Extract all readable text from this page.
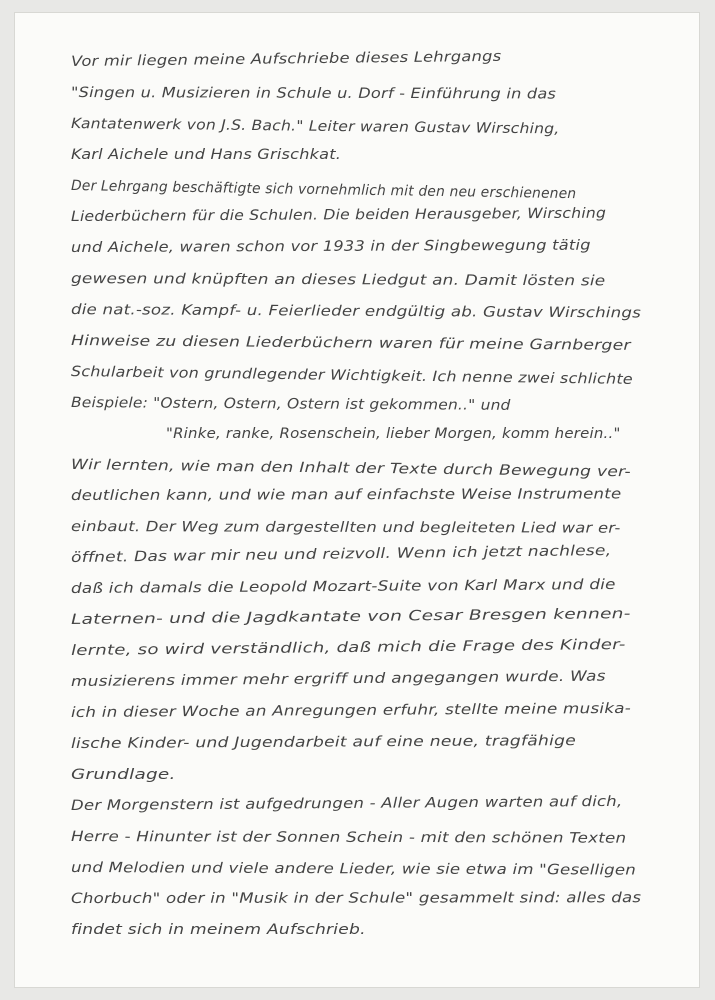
Vor mir liegen meine Aufschriebe dieses Lehrgangs
"Singen u. Musizieren in Schule u. Dorf - Einführung in das
Kantatenwerk von J.S. Bach." Leiter waren Gustav Wirsching,
Karl Aichele und Hans Grischkat.
Der Lehrgang beschäftigte sich vornehmlich mit den neu erschienenen
Liederbüchern für die Schulen. Die beiden Herausgeber, Wirsching
und Aichele, waren schon vor 1933 in der Singbewegung tätig
gewesen und knüpften an dieses Liedgut an. Damit lösten sie
die nat.-soz. Kampf- u. Feierlieder endgültig ab. Gustav Wirschings
Hinweise zu diesen Liederbüchern waren für meine Garnberger
Schularbeit von grundlegender Wichtigkeit. Ich nenne zwei schlichte
Beispiele: "Ostern, Ostern, Ostern ist gekommen.." und
"Rinke, ranke, Rosenschein, lieber Morgen, komm herein.."
Wir lernten, wie man den Inhalt der Texte durch Bewegung ver-
deutlichen kann, und wie man auf einfachste Weise Instrumente
einbaut. Der Weg zum dargestellten und begleiteten Lied war er-
öffnet. Das war mir neu und reizvoll. Wenn ich jetzt nachlese,
daß ich damals die Leopold Mozart-Suite von Karl Marx und die
Laternen- und die Jagdkantate von Cesar Bresgen kennen-
lernte, so wird verständlich, daß mich die Frage des Kinder-
musizierens immer mehr ergriff und angegangen wurde. Was
ich in dieser Woche an Anregungen erfuhr, stellte meine musika-
lische Kinder- und Jugendarbeit auf eine neue, tragfähige
Grundlage.
Der Morgenstern ist aufgedrungen - Aller Augen warten auf dich,
Herre - Hinunter ist der Sonnen Schein - mit den schönen Texten
und Melodien und viele andere Lieder, wie sie etwa im "Geselligen
Chorbuch" oder in "Musik in der Schule" gesammelt sind: alles das
findet sich in meinem Aufschrieb.
